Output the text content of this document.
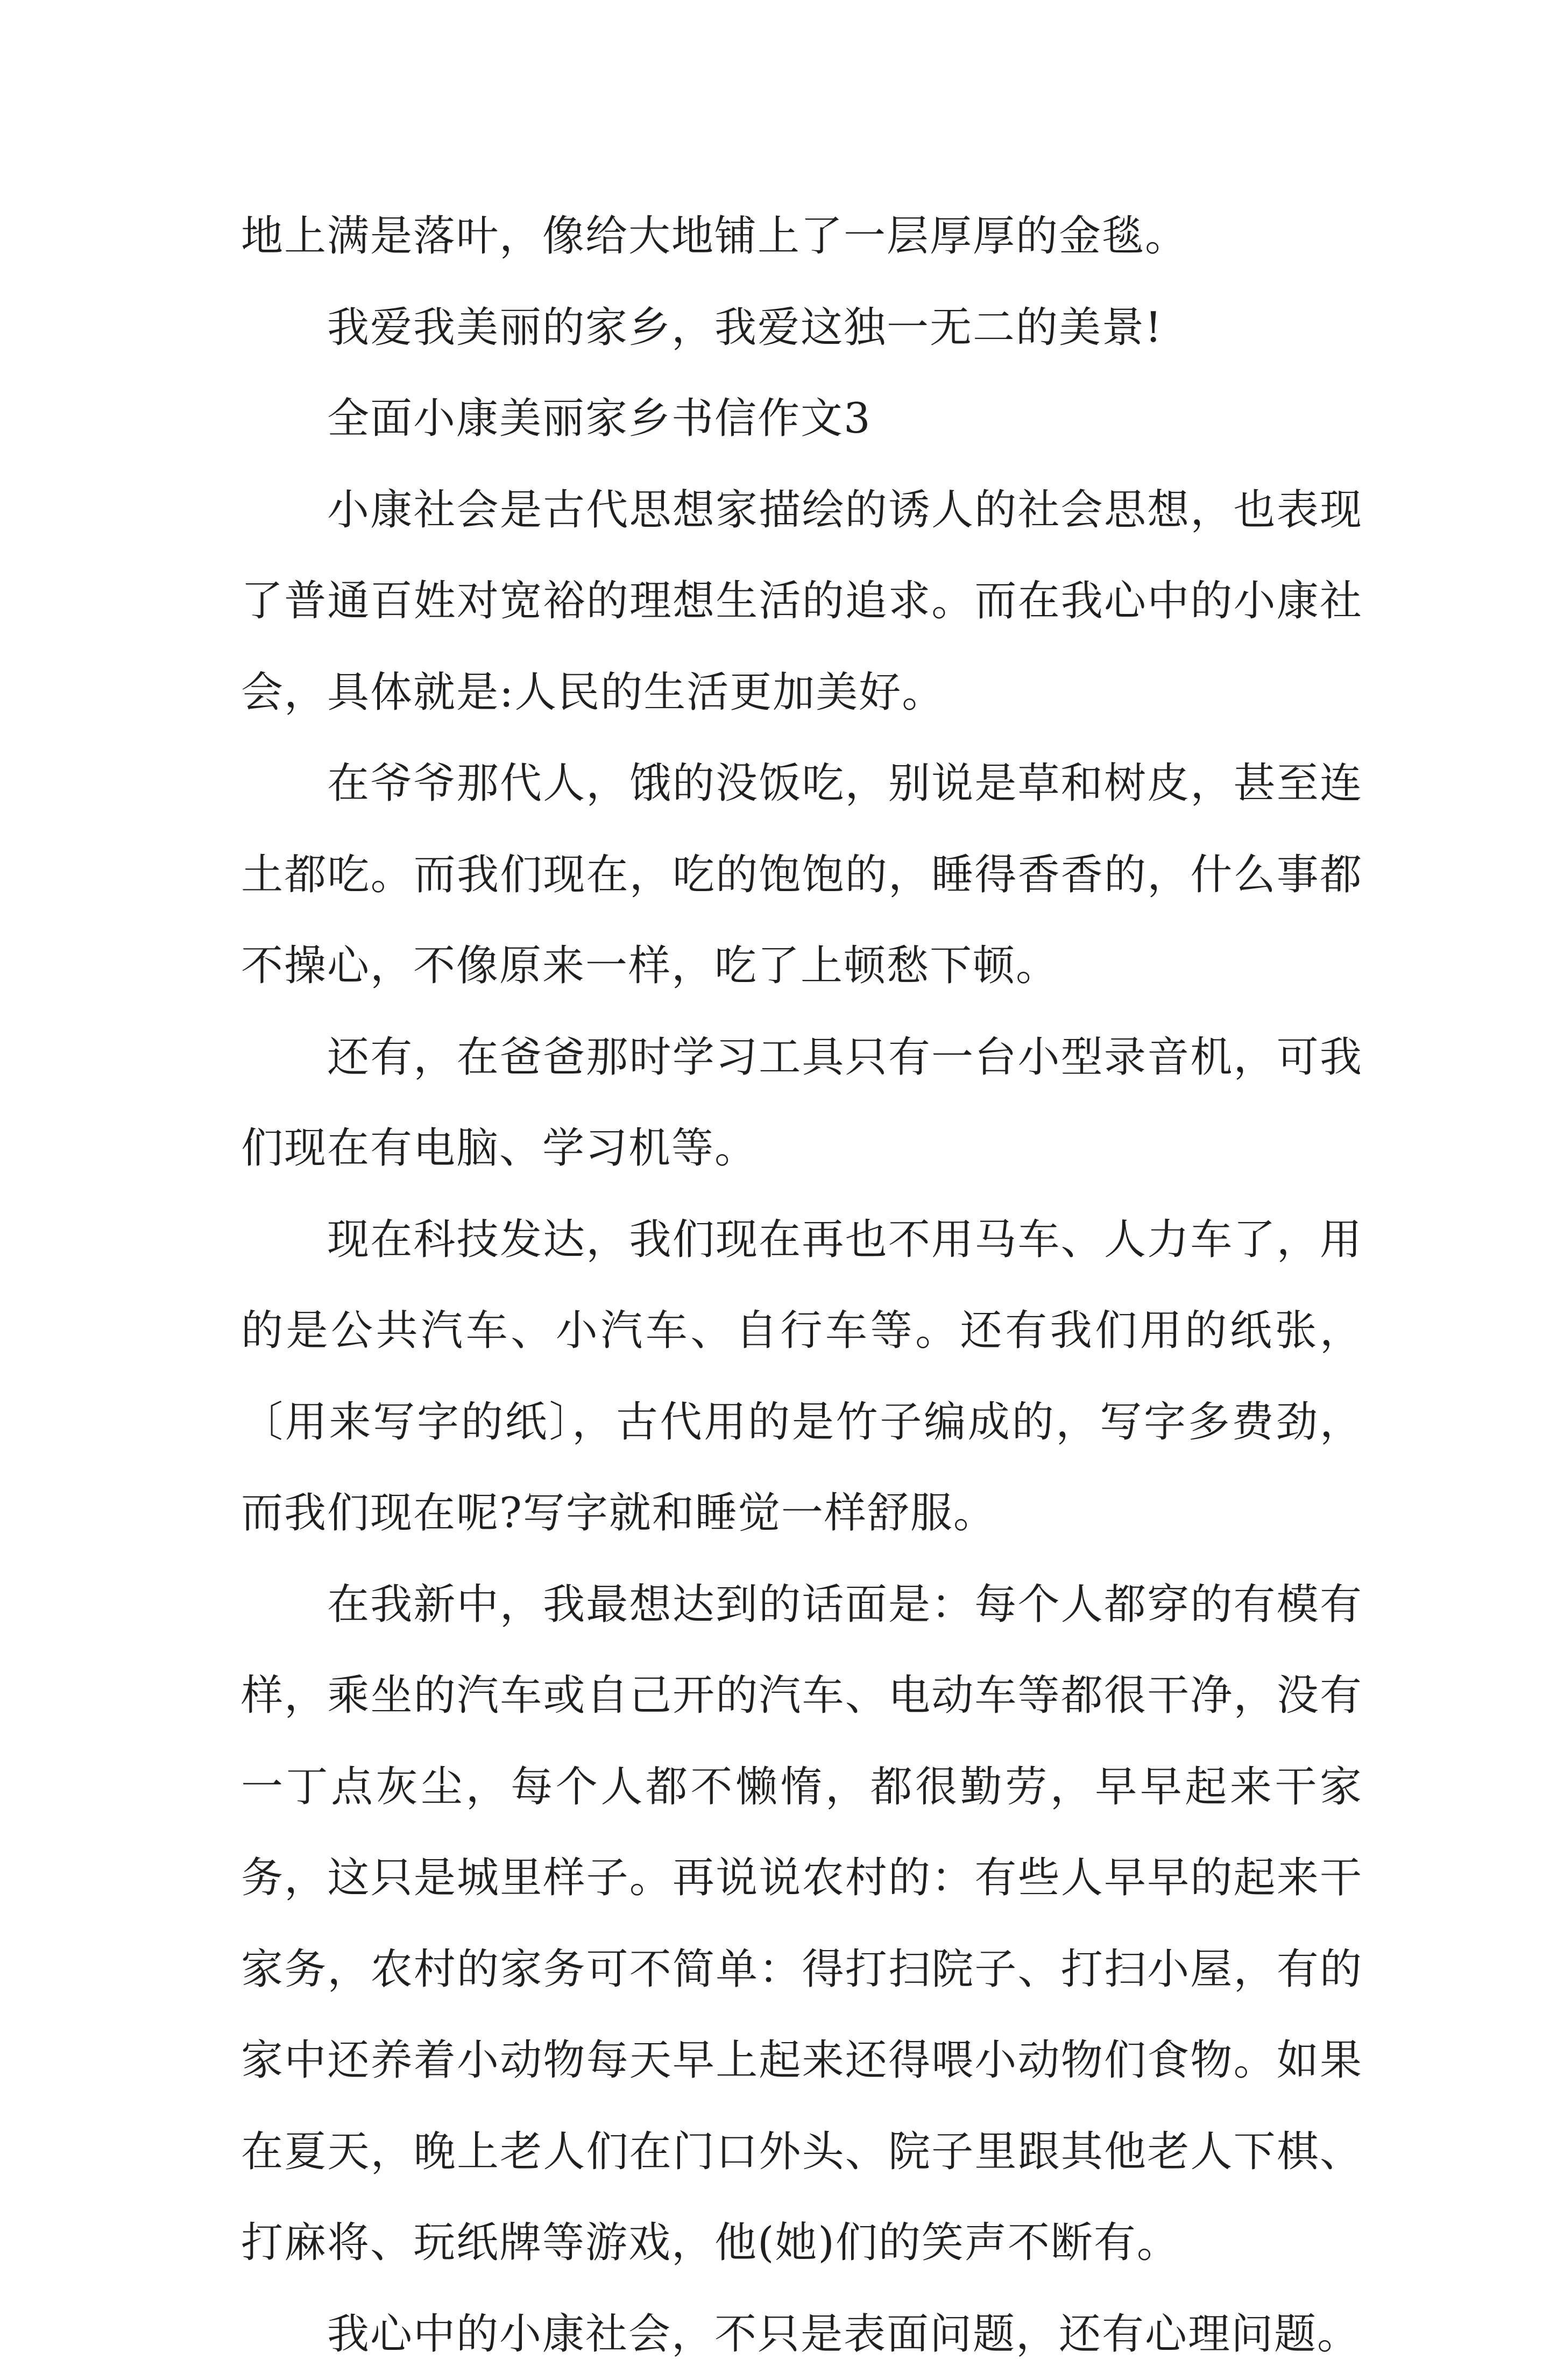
地上满是落叶，像给大地铺上了一层厚厚的金毯。

我爱我美丽的家乡，我爱这独一无二的美景!

全面小康美丽家乡书信作文3

小康社会是古代思想家描绘的诱人的社会思想，也表现了普通百姓对宽裕的理想生活的追求。而在我心中的小康社会，具体就是:人民的生活更加美好。

在爷爷那代人，饿的没饭吃，别说是草和树皮，甚至连土都吃。而我们现在，吃的饱饱的，睡得香香的，什么事都不操心，不像原来一样，吃了上顿愁下顿。

还有，在爸爸那时学习工具只有一台小型录音机，可我们现在有电脑、学习机等。

现在科技发达，我们现在再也不用马车、人力车了，用的是公共汽车、小汽车、自行车等。还有我们用的纸张，〔用来写字的纸〕，古代用的是竹子编成的，写字多费劲，而我们现在呢?写字就和睡觉一样舒服。

在我新中，我最想达到的话面是：每个人都穿的有模有样，乘坐的汽车或自己开的汽车、电动车等都很干净，没有一丁点灰尘，每个人都不懒惰，都很勤劳，早早起来干家务，这只是城里样子。再说说农村的：有些人早早的起来干家务，农村的家务可不简单：得打扫院子、打扫小屋，有的家中还养着小动物每天早上起来还得喂小动物们食物。如果在夏天，晚上老人们在门口外头、院子里跟其他老人下棋、打麻将、玩纸牌等游戏，他(她)们的笑声不断有。

我心中的小康社会，不只是表面问题，还有心理问题。
